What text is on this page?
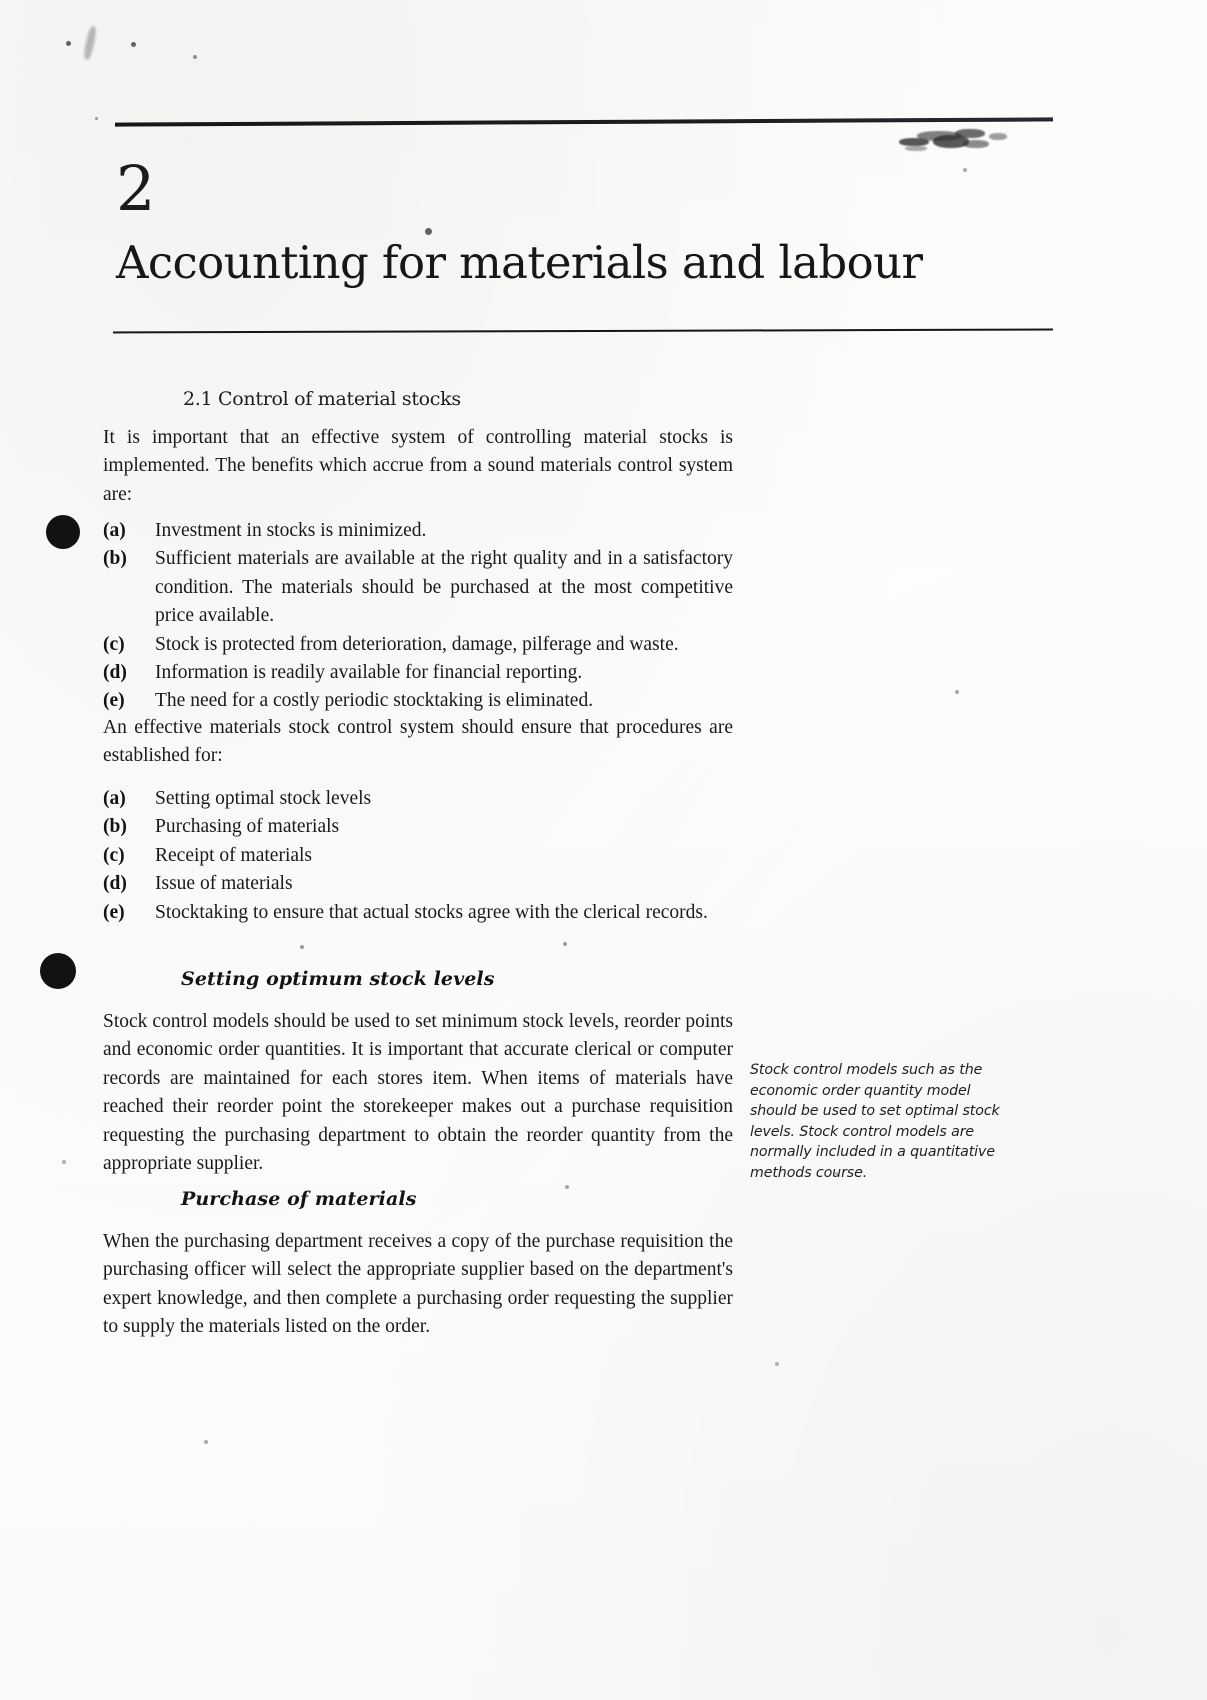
2
Accounting for materials and labour
2.1 Control of material stocks

It is important that an effective system of controlling material stocks is implemented. The benefits which accrue from a sound materials control system are:

(a)	Investment in stocks is minimized.
(b)	Sufficient materials are available at the right quality and in a satisfactory condition. The materials should be purchased at the most competitive price available.
(c)	Stock is protected from deterioration, damage, pilferage and waste.
(d)	Information is readily available for financial reporting.
(e)	The need for a costly periodic stocktaking is eliminated.

An effective materials stock control system should ensure that procedures are established for:

(a)	Setting optimal stock levels
(b)	Purchasing of materials
(c)	Receipt of materials
(d)	Issue of materials
(e)	Stocktaking to ensure that actual stocks agree with the clerical records.
Setting optimum stock levels

Stock control models should be used to set minimum stock levels, reorder points and economic order quantities. It is important that accurate clerical or computer records are maintained for each stores item. When items of materials have reached their reorder point the storekeeper makes out a purchase requisition requesting the purchasing department to obtain the reorder quantity from the appropriate supplier.

Stock control models such as the economic order quantity model should be used to set optimal stock levels. Stock control models are normally included in a quantitative methods course.
Purchase of materials

When the purchasing department receives a copy of the purchase requisition the purchasing officer will select the appropriate supplier based on the department's expert knowledge, and then complete a purchasing order requesting the supplier to supply the materials listed on the order.
